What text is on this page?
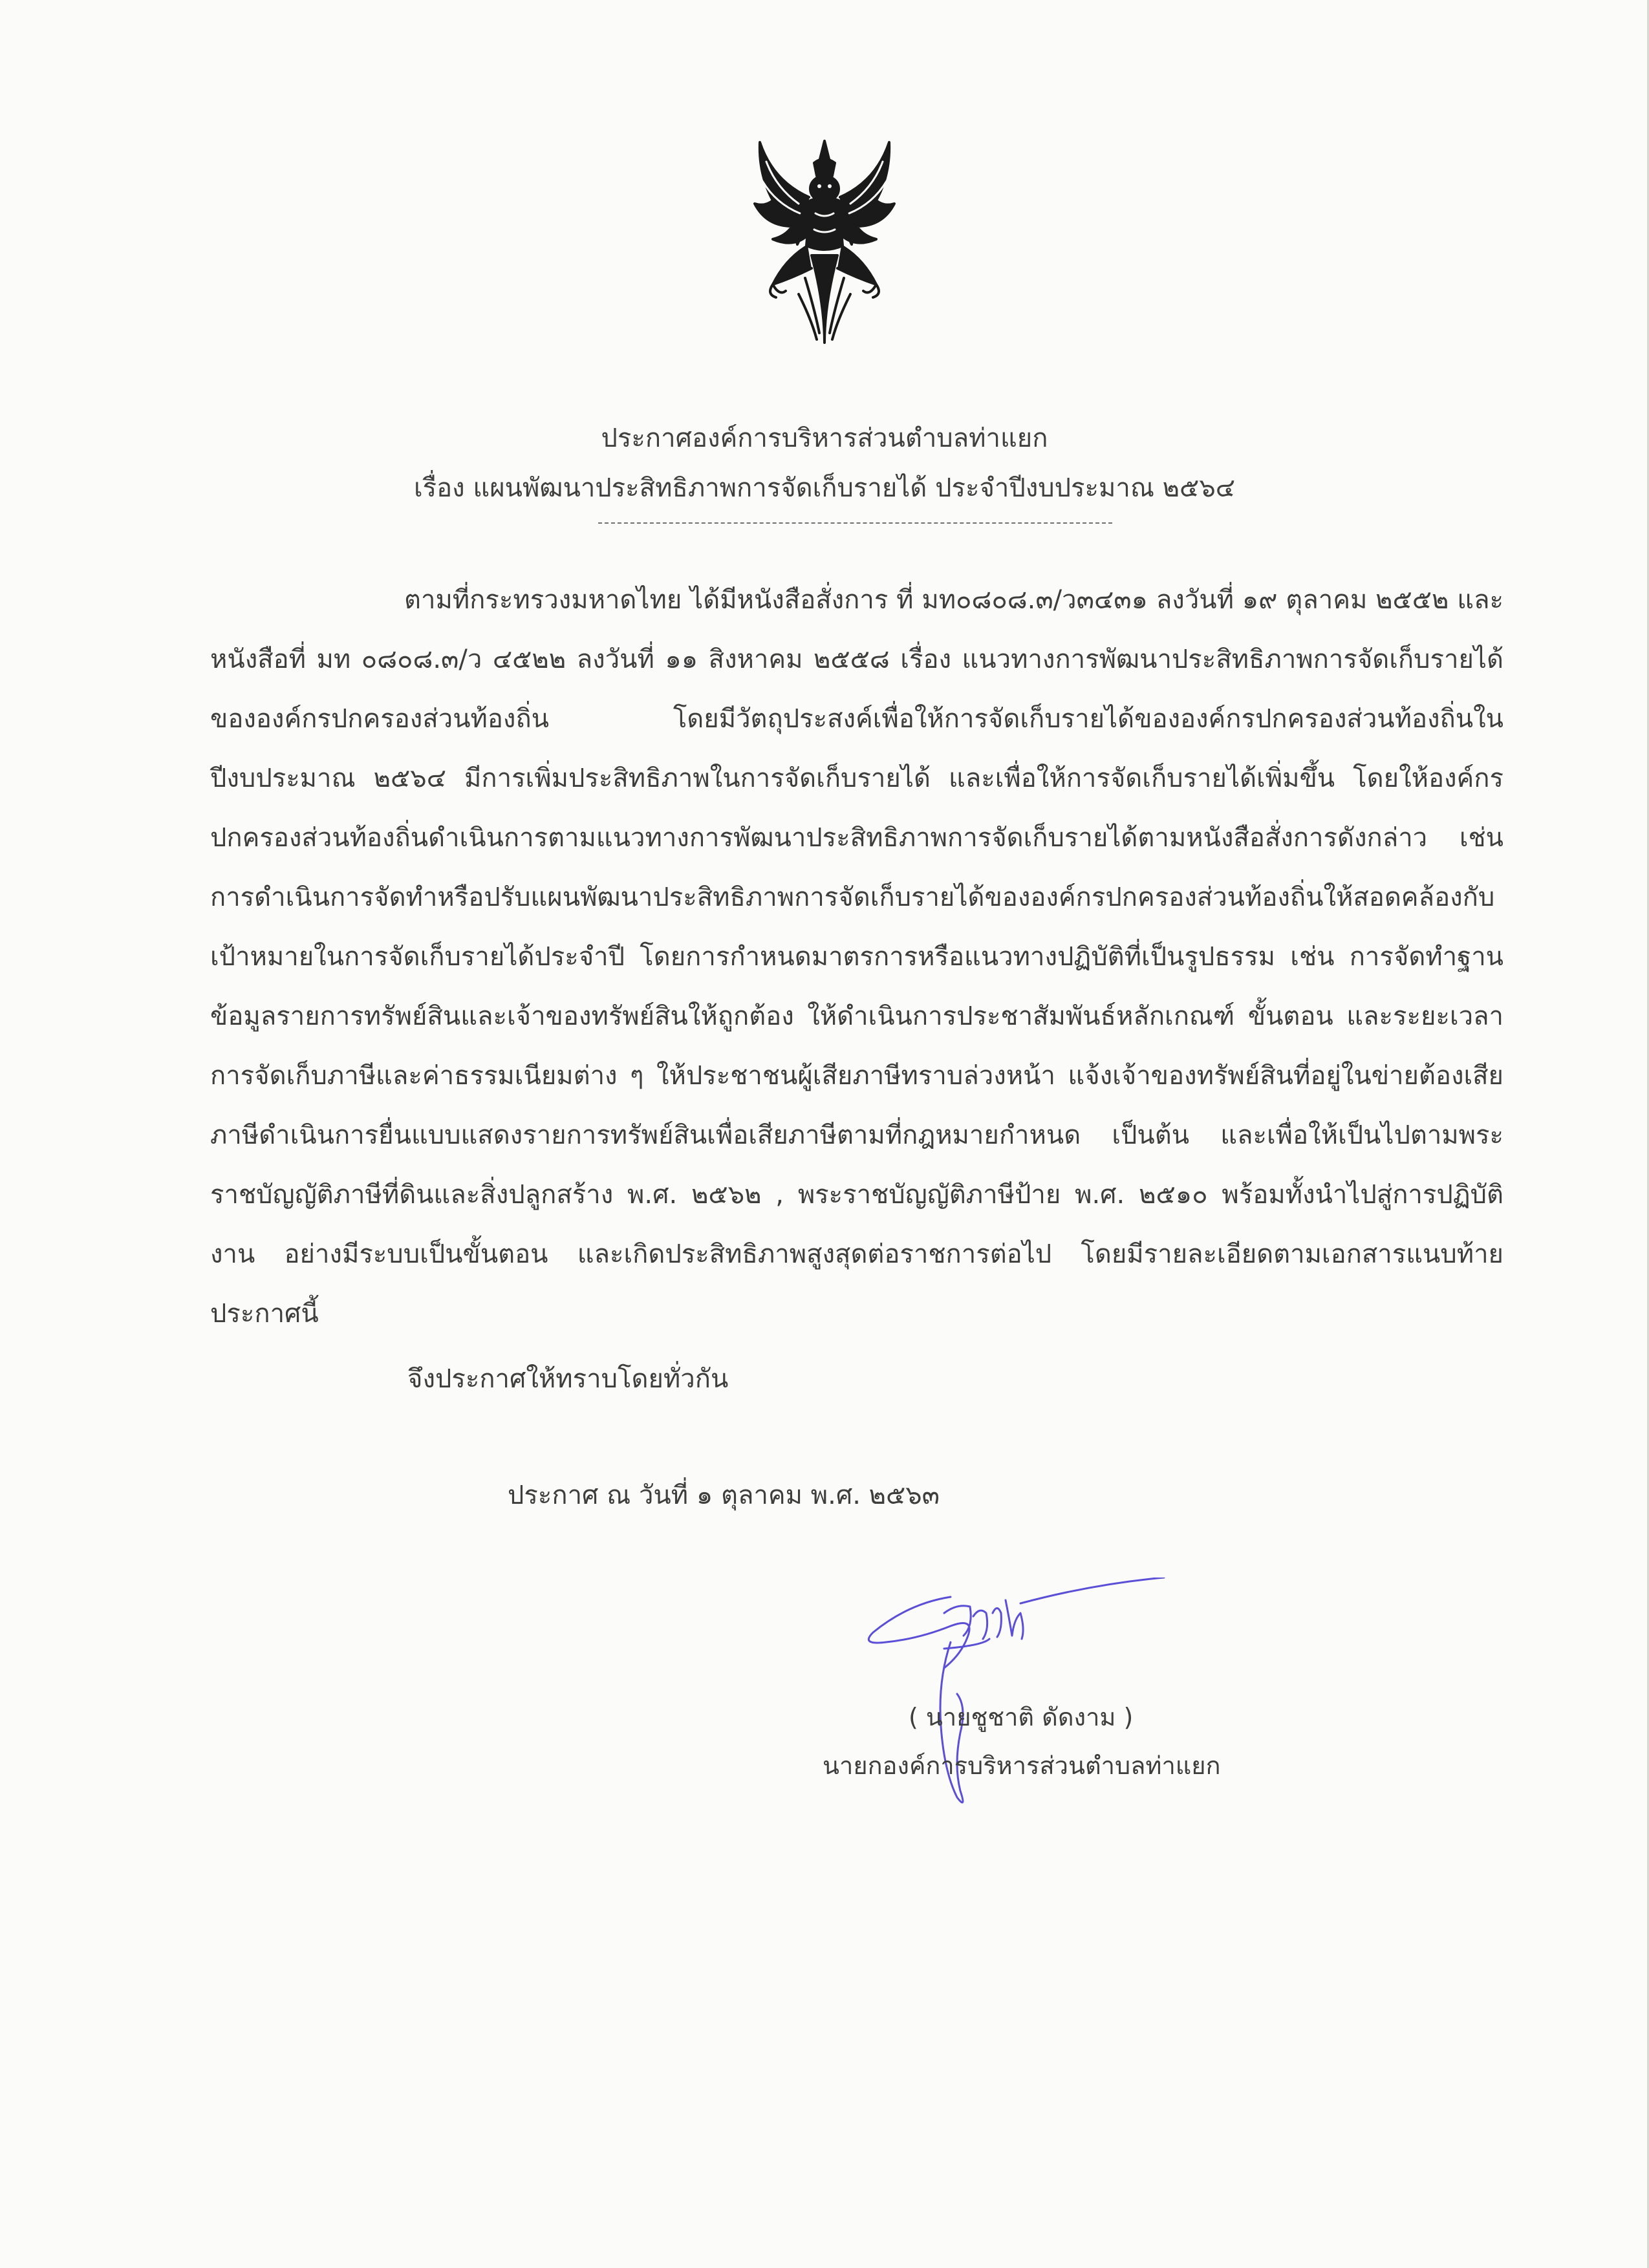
ประกาศองค์การบริหารส่วนตำบลท่าแยก
เรื่อง แผนพัฒนาประสิทธิภาพการจัดเก็บรายได้ ประจำปีงบประมาณ ๒๕๖๔

ตามที่กระทรวงมหาดไทย ได้มีหนังสือสั่งการ ที่ มท๐๘๐๘.๓/ว๓๔๓๑ ลงวันที่ ๑๙ ตุลาคม ๒๕๕๒ และหนังสือที่ มท ๐๘๐๘.๓/ว ๔๕๒๒ ลงวันที่ ๑๑ สิงหาคม ๒๕๕๘ เรื่อง แนวทางการพัฒนาประสิทธิภาพการจัดเก็บรายได้ขององค์กรปกครองส่วนท้องถิ่น โดยมีวัตถุประสงค์เพื่อให้การจัดเก็บรายได้ขององค์กรปกครองส่วนท้องถิ่นในปีงบประมาณ ๒๕๖๔ มีการเพิ่มประสิทธิภาพในการจัดเก็บรายได้ และเพื่อให้การจัดเก็บรายได้เพิ่มขึ้น โดยให้องค์กรปกครองส่วนท้องถิ่นดำเนินการตามแนวทางการพัฒนาประสิทธิภาพการจัดเก็บรายได้ตามหนังสือสั่งการดังกล่าว เช่น การดำเนินการจัดทำหรือปรับแผนพัฒนาประสิทธิภาพการจัดเก็บรายได้ขององค์กรปกครองส่วนท้องถิ่นให้สอดคล้องกับเป้าหมายในการจัดเก็บรายได้ประจำปี โดยการกำหนดมาตรการหรือแนวทางปฏิบัติที่เป็นรูปธรรม เช่น การจัดทำฐานข้อมูลรายการทรัพย์สินและเจ้าของทรัพย์สินให้ถูกต้อง ให้ดำเนินการประชาสัมพันธ์หลักเกณฑ์ ขั้นตอน และระยะเวลาการจัดเก็บภาษีและค่าธรรมเนียมต่าง ๆ ให้ประชาชนผู้เสียภาษีทราบล่วงหน้า แจ้งเจ้าของทรัพย์สินที่อยู่ในข่ายต้องเสียภาษีดำเนินการยื่นแบบแสดงรายการทรัพย์สินเพื่อเสียภาษีตามที่กฎหมายกำหนด เป็นต้น และเพื่อให้เป็นไปตามพระราชบัญญัติภาษีที่ดินและสิ่งปลูกสร้าง พ.ศ. ๒๕๖๒ , พระราชบัญญัติภาษีป้าย พ.ศ. ๒๕๑๐ พร้อมทั้งนำไปสู่การปฏิบัติงาน อย่างมีระบบเป็นขั้นตอน และเกิดประสิทธิภาพสูงสุดต่อราชการต่อไป โดยมีรายละเอียดตามเอกสารแนบท้ายประกาศนี้

จึงประกาศให้ทราบโดยทั่วกัน
ประกาศ ณ วันที่ ๑ ตุลาคม พ.ศ. ๒๕๖๓
( นายชูชาติ ดัดงาม )
นายกองค์การบริหารส่วนตำบลท่าแยก
